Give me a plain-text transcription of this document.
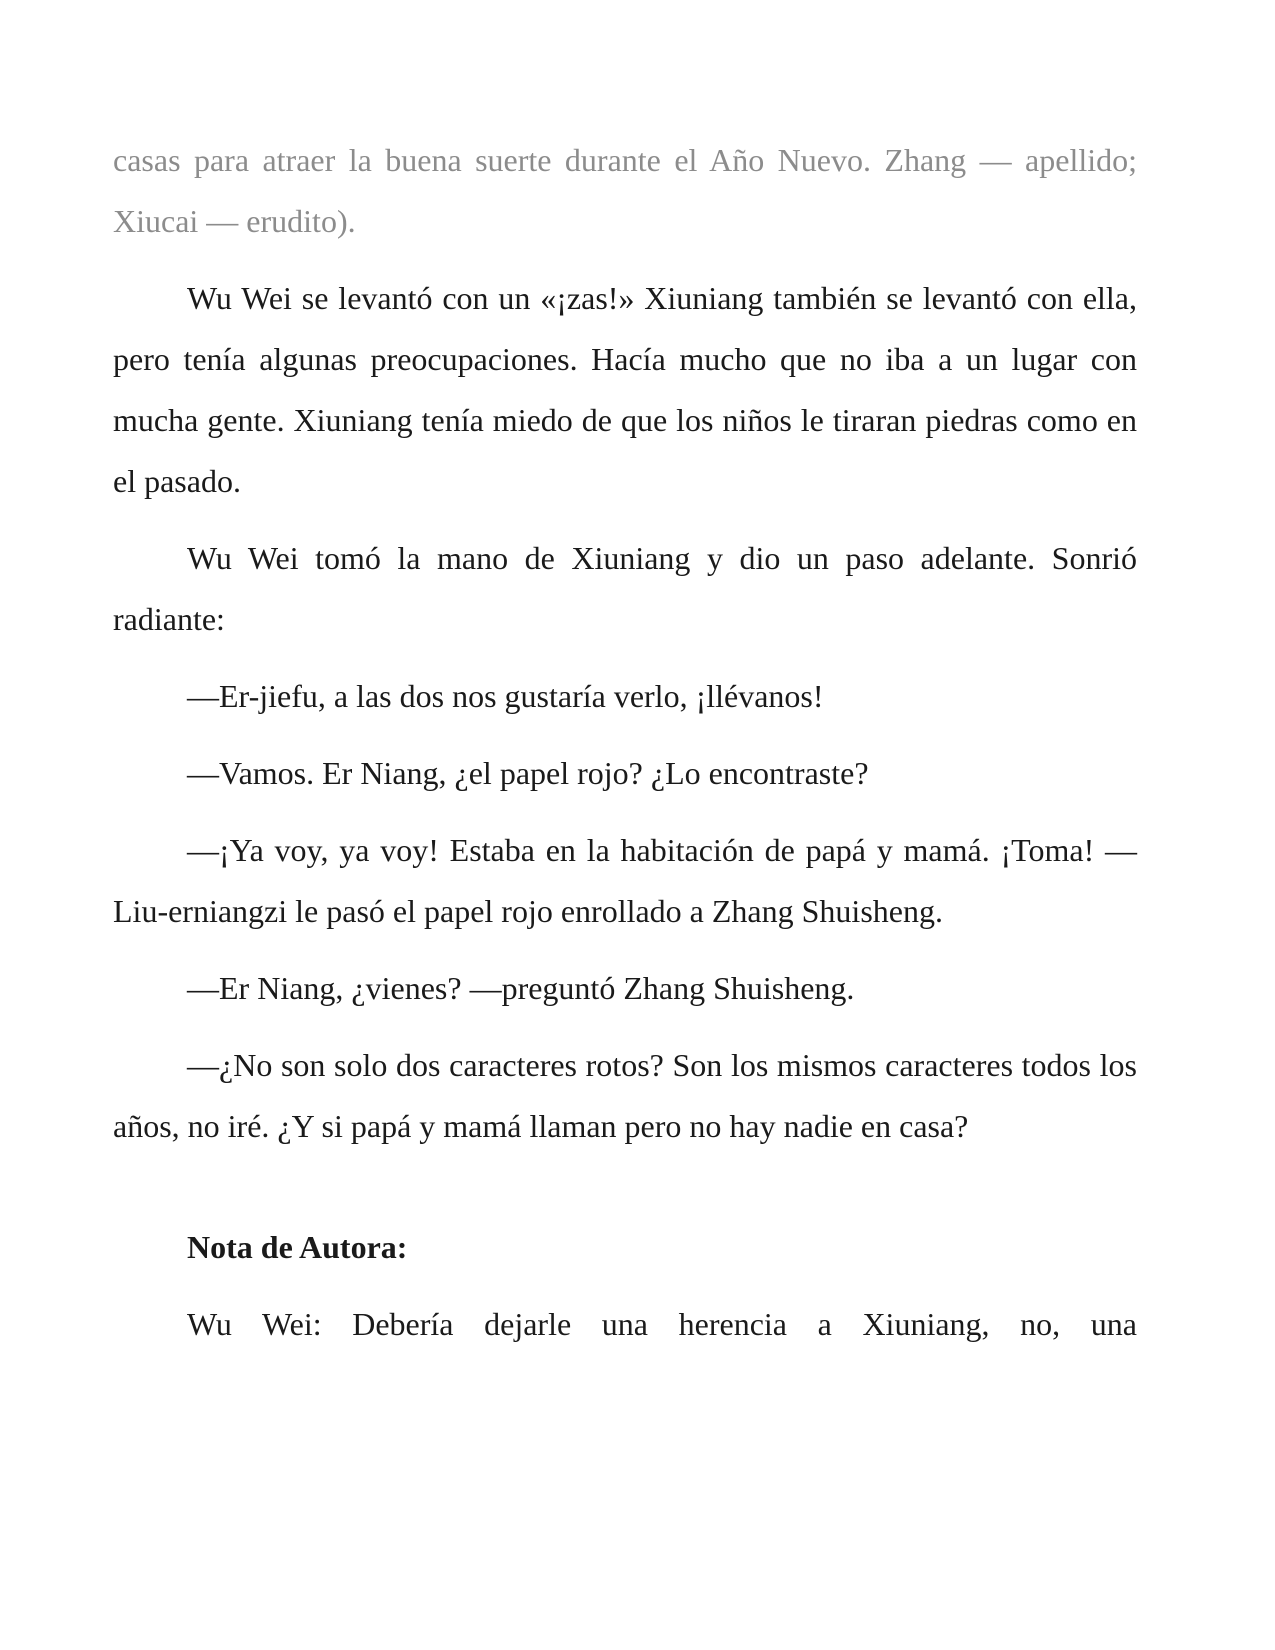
casas para atraer la buena suerte durante el Año Nuevo. Zhang — apellido; Xiucai — erudito).

Wu Wei se levantó con un «¡zas!» Xiuniang también se levantó con ella, pero tenía algunas preocupaciones. Hacía mucho que no iba a un lugar con mucha gente. Xiuniang tenía miedo de que los niños le tiraran piedras como en el pasado.

Wu Wei tomó la mano de Xiuniang y dio un paso adelante. Sonrió radiante:

—Er-jiefu, a las dos nos gustaría verlo, ¡llévanos!

—Vamos. Er Niang, ¿el papel rojo? ¿Lo encontraste?

—¡Ya voy, ya voy! Estaba en la habitación de papá y mamá. ¡Toma! —Liu-erniangzi le pasó el papel rojo enrollado a Zhang Shuisheng.

—Er Niang, ¿vienes? —preguntó Zhang Shuisheng.

—¿No son solo dos caracteres rotos? Son los mismos caracteres todos los años, no iré. ¿Y si papá y mamá llaman pero no hay nadie en casa?

Nota de Autora:

Wu Wei: Debería dejarle una herencia a Xiuniang, no, una
